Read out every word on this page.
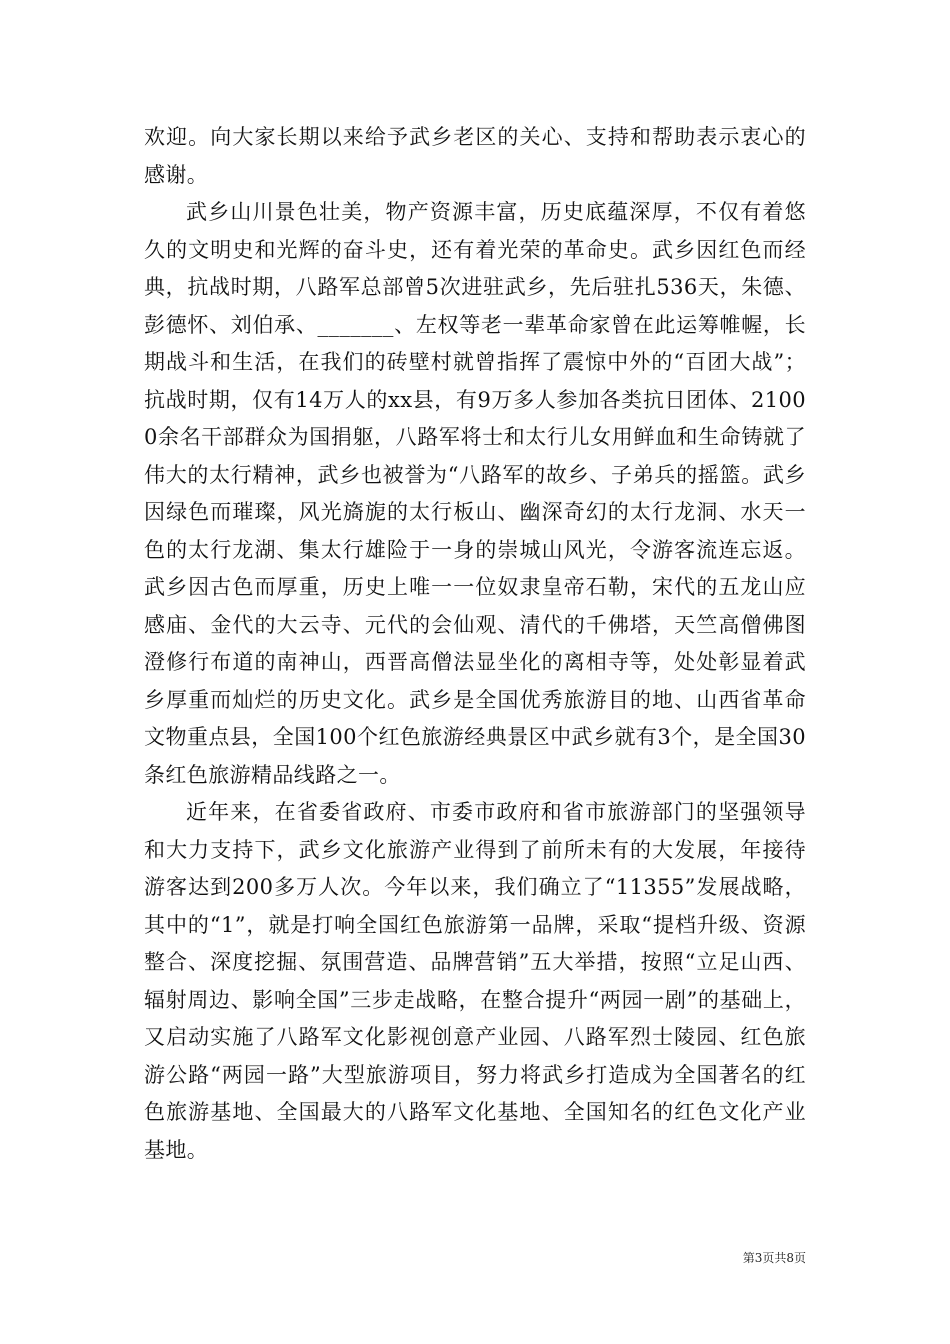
欢迎。向大家长期以来给予武乡老区的关心、支持和帮助表示衷心的感谢。

武乡山川景色壮美，物产资源丰富，历史底蕴深厚，不仅有着悠久的文明史和光辉的奋斗史，还有着光荣的革命史。武乡因红色而经典，抗战时期，八路军总部曾5次进驻武乡，先后驻扎536天，朱德、彭德怀、刘伯承、_______、左权等老一辈革命家曾在此运筹帷幄，长期战斗和生活，在我们的砖壁村就曾指挥了震惊中外的“百团大战”；抗战时期，仅有14万人的xx县，有9万多人参加各类抗日团体、21000余名干部群众为国捐躯，八路军将士和太行儿女用鲜血和生命铸就了伟大的太行精神，武乡也被誉为“八路军的故乡、子弟兵的摇篮。武乡因绿色而璀璨，风光旖旎的太行板山、幽深奇幻的太行龙洞、水天一色的太行龙湖、集太行雄险于一身的崇城山风光，令游客流连忘返。武乡因古色而厚重，历史上唯一一位奴隶皇帝石勒，宋代的五龙山应感庙、金代的大云寺、元代的会仙观、清代的千佛塔，天竺高僧佛图澄修行布道的南神山，西晋高僧法显坐化的离相寺等，处处彰显着武乡厚重而灿烂的历史文化。武乡是全国优秀旅游目的地、山西省革命文物重点县，全国100个红色旅游经典景区中武乡就有3个，是全国30条红色旅游精品线路之一。

近年来，在省委省政府、市委市政府和省市旅游部门的坚强领导和大力支持下，武乡文化旅游产业得到了前所未有的大发展，年接待游客达到200多万人次。今年以来，我们确立了“11355”发展战略，其中的“1”，就是打响全国红色旅游第一品牌，采取“提档升级、资源整合、深度挖掘、氛围营造、品牌营销”五大举措，按照“立足山西、辐射周边、影响全国”三步走战略，在整合提升“两园一剧”的基础上，又启动实施了八路军文化影视创意产业园、八路军烈士陵园、红色旅游公路“两园一路”大型旅游项目，努力将武乡打造成为全国著名的红色旅游基地、全国最大的八路军文化基地、全国知名的红色文化产业基地。

第3页共8页
